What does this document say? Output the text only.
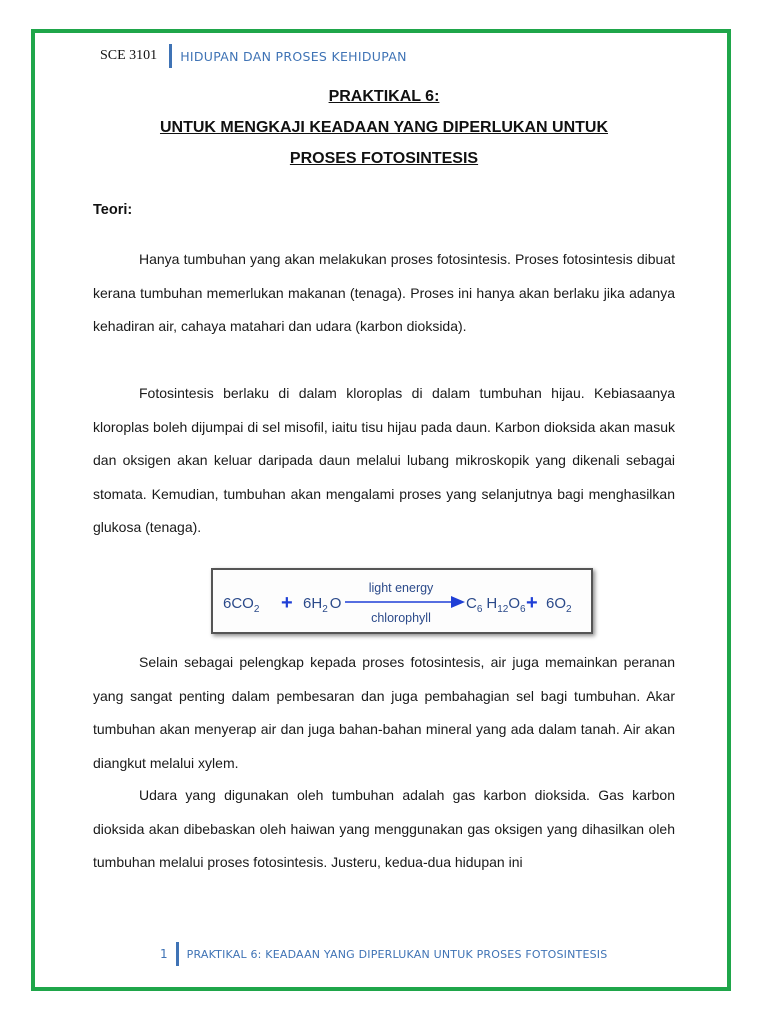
SCE 3101 HIDUPAN DAN PROSES KEHIDUPAN
PRAKTIKAL 6:
UNTUK MENGKAJI KEADAAN YANG DIPERLUKAN UNTUK
PROSES FOTOSINTESIS
Teori:

Hanya tumbuhan yang akan melakukan proses fotosintesis. Proses fotosintesis dibuat kerana tumbuhan memerlukan makanan (tenaga). Proses ini hanya akan berlaku jika adanya kehadiran air, cahaya matahari dan udara (karbon dioksida).

Fotosintesis berlaku di dalam kloroplas di dalam tumbuhan hijau. Kebiasaanya kloroplas boleh dijumpai di sel misofil, iaitu tisu hijau pada daun. Karbon dioksida akan masuk dan oksigen akan keluar daripada daun melalui lubang mikroskopik yang dikenali sebagai stomata. Kemudian, tumbuhan akan mengalami proses yang selanjutnya bagi menghasilkan glukosa (tenaga).

$6CO_2 + 6H_2$ O
light energy
chlorophyll
$C_6$ $H_{12}O_6 + 6O_2$

Selain sebagai pelengkap kepada proses fotosintesis, air juga memainkan peranan yang sangat penting dalam pembesaran dan juga pembahagian sel bagi tumbuhan. Akar tumbuhan akan menyerap air dan juga bahan-bahan mineral yang ada dalam tanah. Air akan diangkut melalui xylem.

Udara yang digunakan oleh tumbuhan adalah gas karbon dioksida. Gas karbon dioksida akan dibebaskan oleh haiwan yang menggunakan gas oksigen yang dihasilkan oleh tumbuhan melalui proses fotosintesis. Justeru, kedua-dua hidupan ini

1 PRAKTIKAL 6: KEADAAN YANG DIPERLUKAN UNTUK PROSES FOTOSINTESIS
